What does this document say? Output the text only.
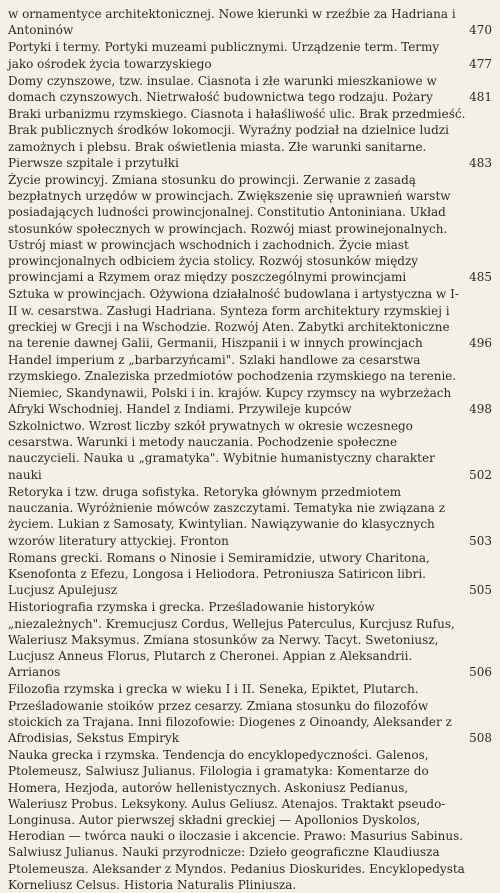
w ornamentyce architektonicznej. Nowe kierunki w rzeźbie za Hadriana i Antoninów	470
Portyki i termy. Portyki muzeami publicznymi. Urządzenie term. Termy jako ośrodek życia towarzyskiego	477
Domy czynszowe, tzw. insulae. Ciasnota i złe warunki mieszkaniowe w domach czynszowych. Nietrwałość budownictwa tego rodzaju. Pożary	481
Braki urbanizmu rzymskiego. Ciasnota i hałaśliwość ulic. Brak przedmieść. Brak publicznych środków lokomocji. Wyraźny podział na dzielnice ludzi zamożnych i plebsu. Brak oświetlenia miasta. Złe warunki sanitarne. Pierwsze szpitale i przytułki	483
Życie prowincyj. Zmiana stosunku do prowincji. Zerwanie z zasadą bezpłatnych urzędów w prowincjach. Zwiększenie się uprawnień warstw posiadających ludności prowincjonalnej. Constitutio Antoniniana. Układ stosunków społecznych w prowincjach. Rozwój miast prowinejonalnych. Ustrój miast w prowincjach wschodnich i zachodnich. Życie miast prowincjonalnych odbiciem życia stolicy. Rozwój stosunków między prowincjami a Rzymem oraz między poszczególnymi prowincjami	485
Sztuka w prowincjach. Ożywiona działalność budowlana i artystyczna w I-II w. cesarstwa. Zasługi Hadriana. Synteza form architektury rzymskiej i greckiej w Grecji i na Wschodzie. Rozwój Aten. Zabytki architektoniczne na terenie dawnej Galii, Germanii, Hiszpanii i w innych prowincjach	496
Handel imperium z „barbarzyńcami". Szlaki handlowe za cesarstwa rzymskiego. Znaleziska przedmiotów pochodzenia rzymskiego na terenie. Niemiec, Skandynawii, Polski i in. krajów. Kupcy rzymscy na wybrzeżach Afryki Wschodniej. Handel z Indiami. Przywileje kupców	498
Szkolnictwo. Wzrost liczby szkół prywatnych w okresie wczesnego cesarstwa. Warunki i metody nauczania. Pochodzenie społeczne nauczycieli. Nauka u „gramatyka". Wybitnie humanistyczny charakter nauki	502
Retoryka i tzw. druga sofistyka. Retoryka głównym przedmiotem nauczania. Wyróżnienie mówców zaszczytami. Tematyka nie związana z życiem. Lukian z Samosaty, Kwintylian. Nawiązywanie do klasycznych wzorów literatury attyckiej. Fronton	503
Romans grecki. Romans o Ninosie i Semiramidzie, utwory Charitona, Ksenofonta z Efezu, Longosa i Heliodora. Petroniusza Satiricon libri. Lucjusz Apulejusz	505
Historiografia rzymska i grecka. Prześladowanie historyków „niezależnych". Kremucjusz Cordus, Wellejus Paterculus, Kurcjusz Rufus, Waleriusz Maksymus. Zmiana stosunków za Nerwy. Tacyt. Swetoniusz, Lucjusz Anneus Florus, Plutarch z Cheronei. Appian z Aleksandrii. Arrianos	506
Filozofia rzymska i grecka w wieku I i II. Seneka, Epiktet, Plutarch. Prześladowanie stoików przez cesarzy. Zmiana stosunku do filozofów stoickich za Trajana. Inni filozofowie: Diogenes z Oinoandy, Aleksander z Afrodisias, Sekstus Empiryk	508
Nauka grecka i rzymska. Tendencja do encyklopedyczności. Galenos, Ptolemeusz, Salwiusz Julianus. Filologia i gramatyka: Komentarze do Homera, Hezjoda, autorów hellenistycznych. Askoniusz Pedianus, Waleriusz Probus. Leksykony. Aulus Geliusz. Atenajos. Traktakt pseudo-Longinusa. Autor pierwszej składni greckiej — Apollonios Dyskolos, Herodian — twórca nauki o iloczasie i akcencie. Prawo: Masurius Sabinus. Salwiusz Julianus. Nauki przyrodnicze: Dzieło geograficzne Klaudiusza Ptolemeusza. Aleksander z Myndos. Pedanius Dioskurides. Encyklopedysta Korneliusz Celsus. Historia Naturalis Pliniusza.
